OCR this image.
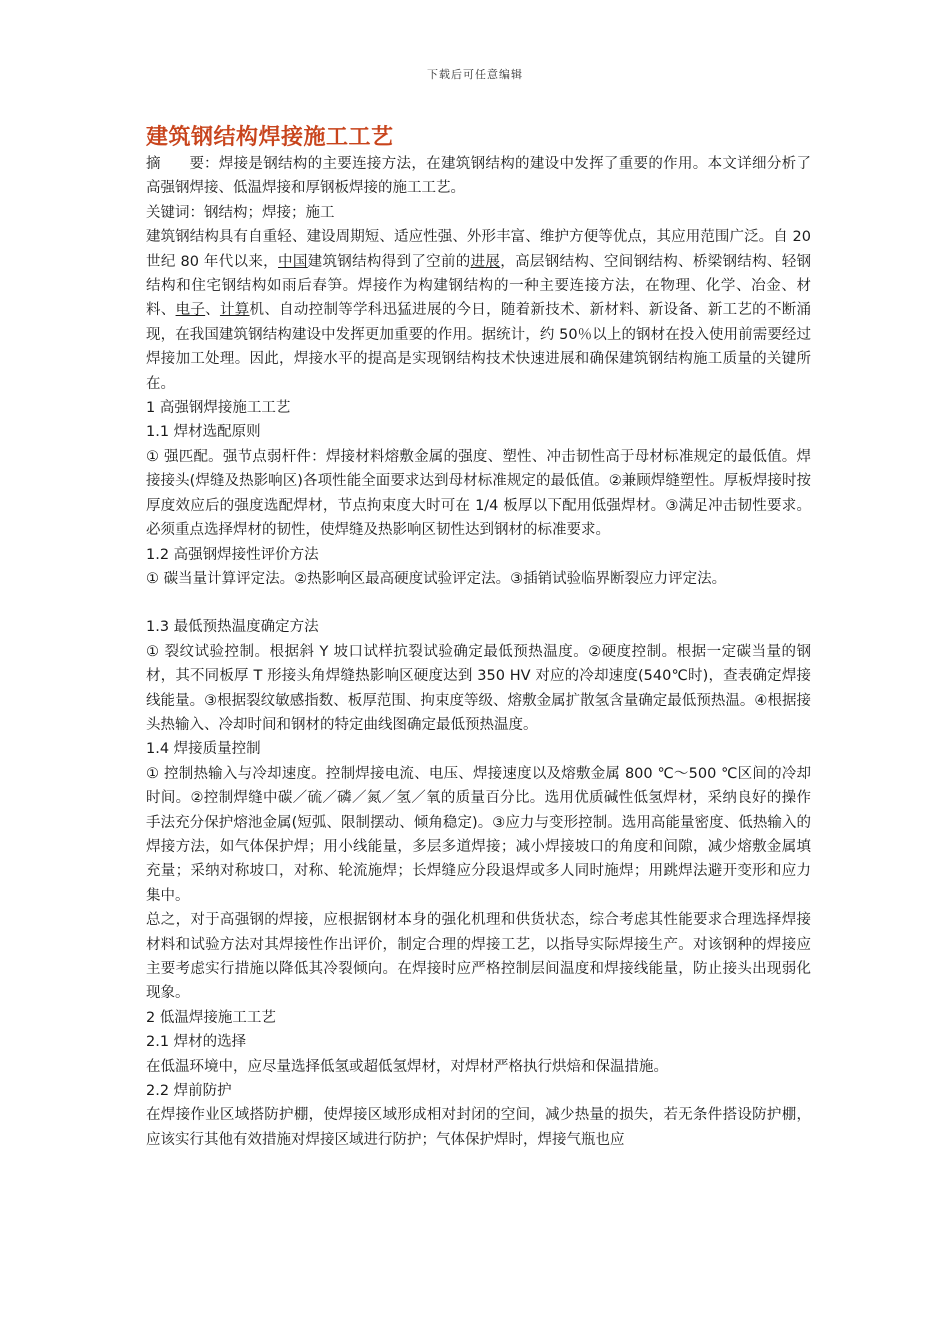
下载后可任意编辑
建筑钢结构焊接施工工艺

摘　　要：焊接是钢结构的主要连接方法，在建筑钢结构的建设中发挥了重要的作用。本文详细分析了高强钢焊接、低温焊接和厚钢板焊接的施工工艺。

关键词：钢结构；焊接；施工

建筑钢结构具有自重轻、建设周期短、适应性强、外形丰富、维护方便等优点，其应用范围广泛。自 20 世纪 80 年代以来，中国建筑钢结构得到了空前的进展，高层钢结构、空间钢结构、桥梁钢结构、轻钢结构和住宅钢结构如雨后春笋。焊接作为构建钢结构的一种主要连接方法，在物理、化学、冶金、材料、电子、计算机、自动控制等学科迅猛进展的今日，随着新技术、新材料、新设备、新工艺的不断涌现，在我国建筑钢结构建设中发挥更加重要的作用。据统计，约 50％以上的钢材在投入使用前需要经过焊接加工处理。因此，焊接水平的提高是实现钢结构技术快速进展和确保建筑钢结构施工质量的关键所在。

1 高强钢焊接施工工艺

1.1 焊材选配原则

① 强匹配。强节点弱杆件：焊接材料熔敷金属的强度、塑性、冲击韧性高于母材标准规定的最低值。焊接接头(焊缝及热影响区)各项性能全面要求达到母材标准规定的最低值。②兼顾焊缝塑性。厚板焊接时按厚度效应后的强度选配焊材，节点拘束度大时可在 1/4 板厚以下配用低强焊材。③满足冲击韧性要求。必须重点选择焊材的韧性，使焊缝及热影响区韧性达到钢材的标准要求。

1.2 高强钢焊接性评价方法

① 碳当量计算评定法。②热影响区最高硬度试验评定法。③插销试验临界断裂应力评定法。

1.3 最低预热温度确定方法

① 裂纹试验控制。根据斜 Y 坡口试样抗裂试验确定最低预热温度。②硬度控制。根据一定碳当量的钢材，其不同板厚 T 形接头角焊缝热影响区硬度达到 350 HV 对应的冷却速度(540℃时)，查表确定焊接线能量。③根据裂纹敏感指数、板厚范围、拘束度等级、熔敷金属扩散氢含量确定最低预热温。④根据接头热输入、冷却时间和钢材的特定曲线图确定最低预热温度。

1.4 焊接质量控制

① 控制热输入与冷却速度。控制焊接电流、电压、焊接速度以及熔敷金属 800 ℃～500 ℃区间的冷却时间。②控制焊缝中碳／硫／磷／氮／氢／氧的质量百分比。选用优质碱性低氢焊材，采纳良好的操作手法充分保护熔池金属(短弧、限制摆动、倾角稳定)。③应力与变形控制。选用高能量密度、低热输入的焊接方法，如气体保护焊；用小线能量，多层多道焊接；减小焊接坡口的角度和间隙，减少熔敷金属填充量；采纳对称坡口，对称、轮流施焊；长焊缝应分段退焊或多人同时施焊；用跳焊法避开变形和应力集中。

总之，对于高强钢的焊接，应根据钢材本身的强化机理和供货状态，综合考虑其性能要求合理选择焊接材料和试验方法对其焊接性作出评价，制定合理的焊接工艺，以指导实际焊接生产。对该钢种的焊接应主要考虑实行措施以降低其冷裂倾向。在焊接时应严格控制层间温度和焊接线能量，防止接头出现弱化现象。

2 低温焊接施工工艺

2.1 焊材的选择

在低温环境中，应尽量选择低氢或超低氢焊材，对焊材严格执行烘焙和保温措施。

2.2 焊前防护

在焊接作业区域搭防护棚，使焊接区域形成相对封闭的空间，减少热量的损失，若无条件搭设防护棚，应该实行其他有效措施对焊接区域进行防护；气体保护焊时，焊接气瓶也应
